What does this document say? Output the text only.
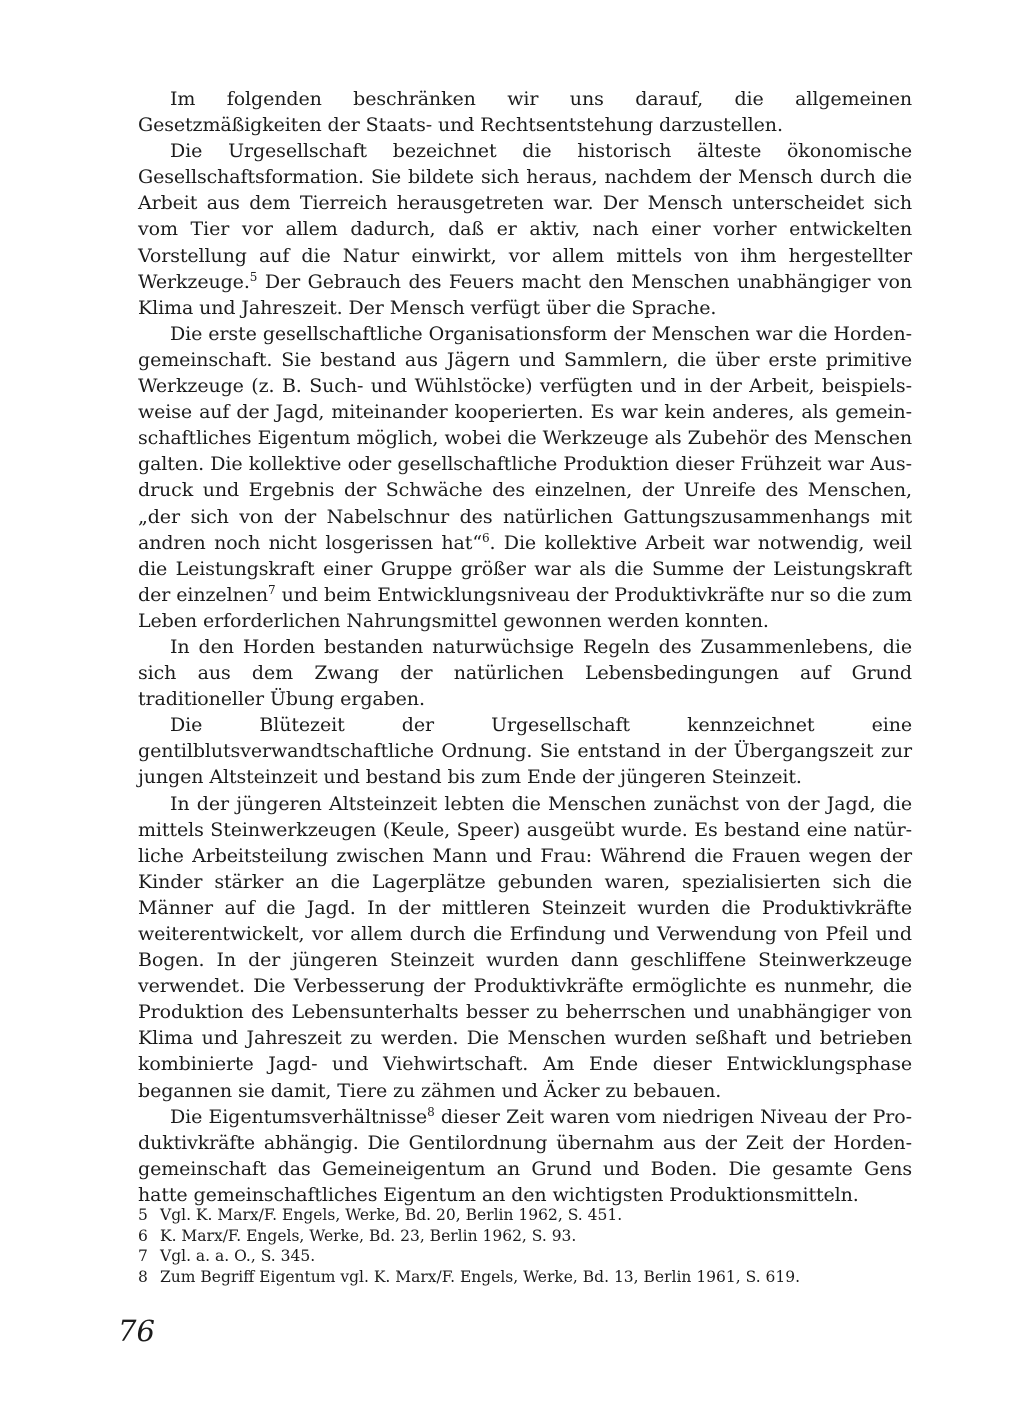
Im folgenden beschränken wir uns darauf, die allgemeinen Gesetzmäßigkeiten der Staats- und Rechtsentstehung darzustellen.

Die Urgesellschaft bezeichnet die historisch älteste ökonomische Gesellschaftsformation. Sie bildete sich heraus, nachdem der Mensch durch die Arbeit aus dem Tierreich herausgetreten war. Der Mensch unterscheidet sich vom Tier vor allem dadurch, daß er aktiv, nach einer vorher entwickelten Vorstellung auf die Natur einwirkt, vor allem mittels von ihm hergestellter Werkzeuge.$^5$ Der Gebrauch des Feuers macht den Menschen unabhängiger von Klima und Jahreszeit. Der Mensch verfügt über die Sprache.

Die erste gesellschaftliche Organisationsform der Menschen war die Hordengemeinschaft. Sie bestand aus Jägern und Sammlern, die über erste primitive Werkzeuge (z. B. Such- und Wühlstöcke) verfügten und in der Arbeit, beispielsweise auf der Jagd, miteinander kooperierten. Es war kein anderes, als gemeinschaftliches Eigentum möglich, wobei die Werkzeuge als Zubehör des Menschen galten. Die kollektive oder gesellschaftliche Produktion dieser Frühzeit war Ausdruck und Ergebnis der Schwäche des einzelnen, der Unreife des Menschen, „der sich von der Nabelschnur des natürlichen Gattungszusammenhangs mit andren noch nicht losgerissen hat“$^6$. Die kollektive Arbeit war notwendig, weil die Leistungskraft einer Gruppe größer war als die Summe der Leistungskraft der einzelnen$^7$ und beim Entwicklungsniveau der Produktivkräfte nur so die zum Leben erforderlichen Nahrungsmittel gewonnen werden konnten.

In den Horden bestanden naturwüchsige Regeln des Zusammenlebens, die sich aus dem Zwang der natürlichen Lebensbedingungen auf Grund traditioneller Übung ergaben.

Die Blütezeit der Urgesellschaft kennzeichnet eine gentilblutsverwandtschaftliche Ordnung. Sie entstand in der Übergangszeit zur jungen Altsteinzeit und bestand bis zum Ende der jüngeren Steinzeit.

In der jüngeren Altsteinzeit lebten die Menschen zunächst von der Jagd, die mittels Steinwerkzeugen (Keule, Speer) ausgeübt wurde. Es bestand eine natürliche Arbeitsteilung zwischen Mann und Frau: Während die Frauen wegen der Kinder stärker an die Lagerplätze gebunden waren, spezialisierten sich die Männer auf die Jagd. In der mittleren Steinzeit wurden die Produktivkräfte weiterentwickelt, vor allem durch die Erfindung und Verwendung von Pfeil und Bogen. In der jüngeren Steinzeit wurden dann geschliffene Steinwerkzeuge verwendet. Die Verbesserung der Produktivkräfte ermöglichte es nunmehr, die Produktion des Lebensunterhalts besser zu beherrschen und unabhängiger von Klima und Jahreszeit zu werden. Die Menschen wurden seßhaft und betrieben kombinierte Jagd- und Viehwirtschaft. Am Ende dieser Entwicklungsphase begannen sie damit, Tiere zu zähmen und Äcker zu bebauen.

Die Eigentumsverhältnisse$^8$ dieser Zeit waren vom niedrigen Niveau der Produktivkräfte abhängig. Die Gentilordnung übernahm aus der Zeit der Hordengemeinschaft das Gemeineigentum an Grund und Boden. Die gesamte Gens hatte gemeinschaftliches Eigentum an den wichtigsten Produktionsmitteln.

5 Vgl. K. Marx/F. Engels, Werke, Bd. 20, Berlin 1962, S. 451.
6 K. Marx/F. Engels, Werke, Bd. 23, Berlin 1962, S. 93.
7 Vgl. a. a. O., S. 345.
8 Zum Begriff Eigentum vgl. K. Marx/F. Engels, Werke, Bd. 13, Berlin 1961, S. 619.
76
